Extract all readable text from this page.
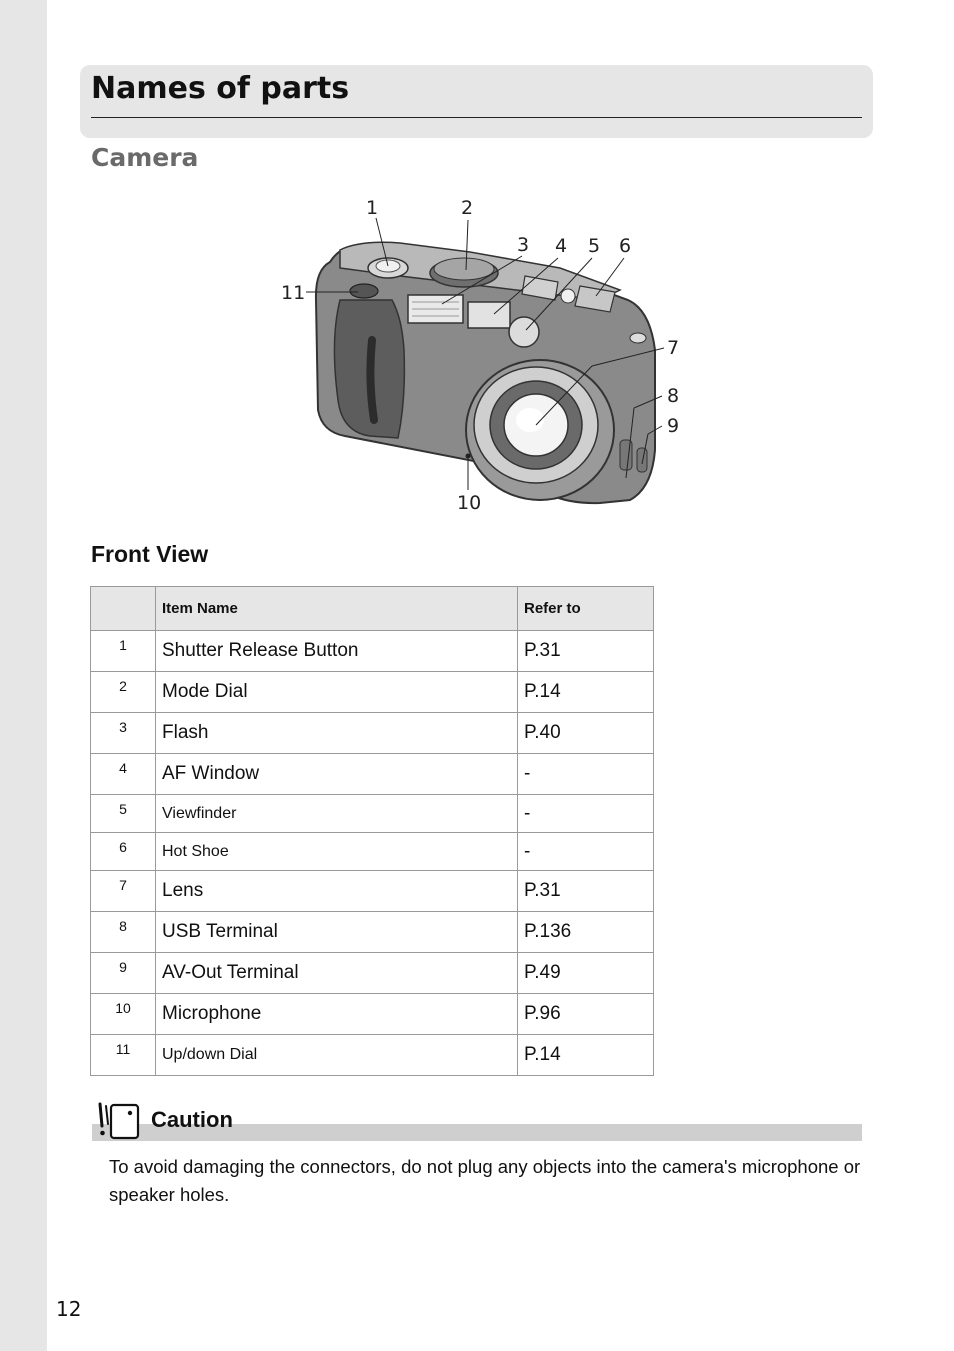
Names of parts
Camera
1	2
3 4 5 6
7
8
9
10
11
Front View
	Item Name	Refer to
1	Shutter Release Button	P.31
2	Mode Dial	P.14
3	Flash	P.40
4	AF Window	-
5	Viewfinder	-
6	Hot Shoe	-
7	Lens	P.31
8	USB Terminal	P.136
9	AV-Out Terminal	P.49
10	Microphone	P.96
11	Up/down Dial	P.14

Caution

To avoid damaging the connectors, do not plug any objects into the camera's microphone or speaker holes.

12
